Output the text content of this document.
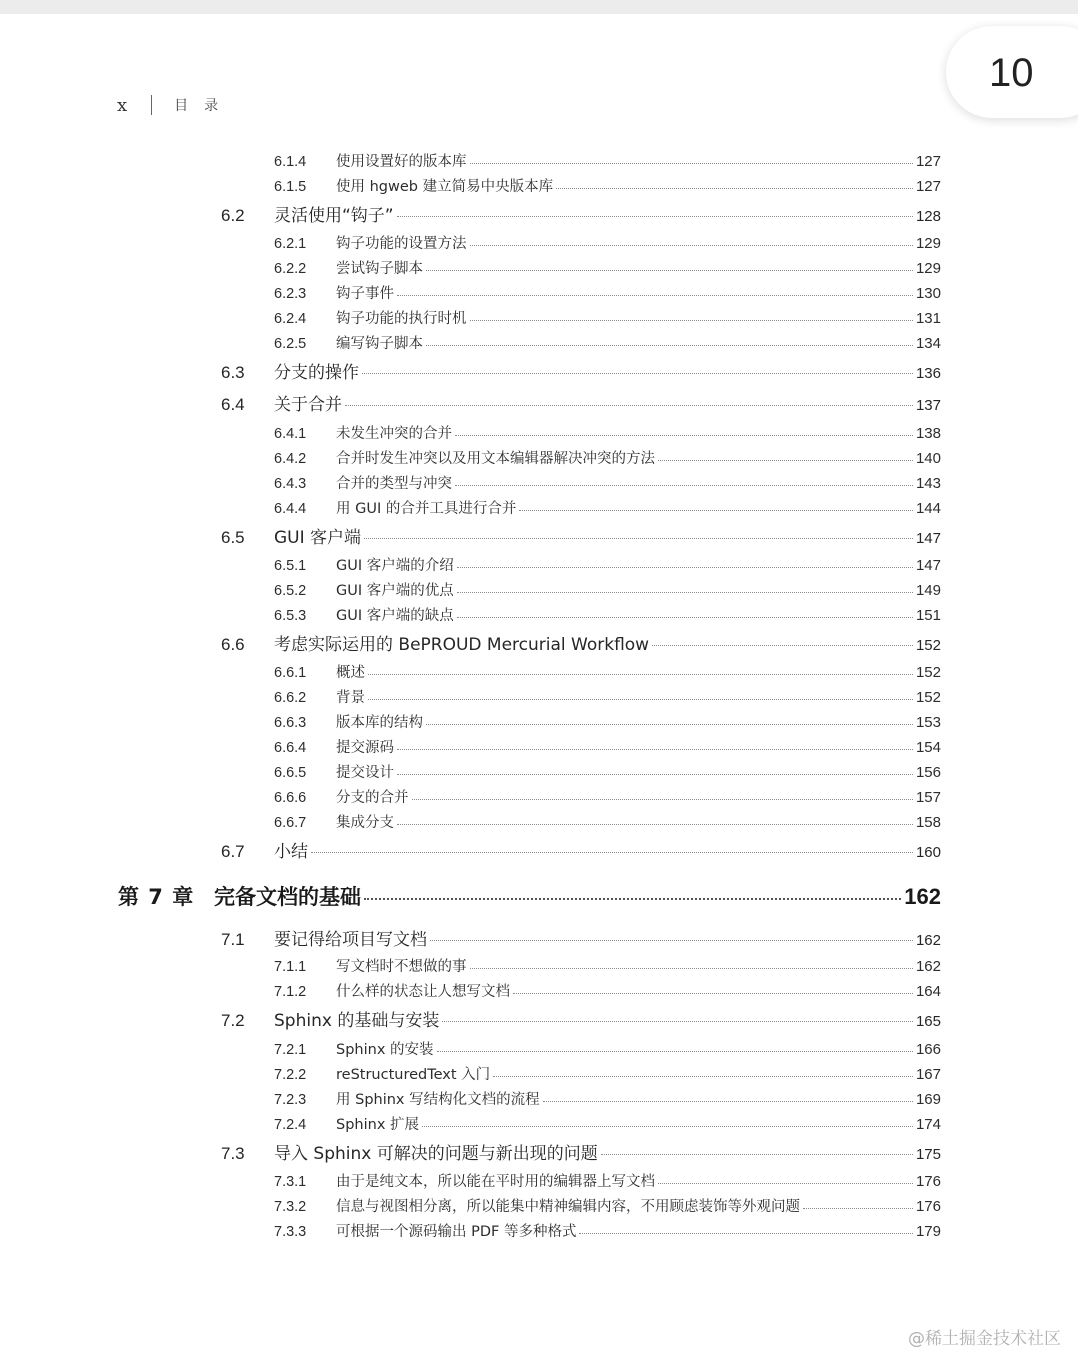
10
x	目录
6.1.4	使用设置好的版本库	127
6.1.5	使用 hgweb 建立简易中央版本库	127
6.2	灵活使用“钩子”	128
6.2.1	钩子功能的设置方法	129
6.2.2	尝试钩子脚本	129
6.2.3	钩子事件	130
6.2.4	钩子功能的执行时机	131
6.2.5	编写钩子脚本	134
6.3	分支的操作	136
6.4	关于合并	137
6.4.1	未发生冲突的合并	138
6.4.2	合并时发生冲突以及用文本编辑器解决冲突的方法	140
6.4.3	合并的类型与冲突	143
6.4.4	用 GUI 的合并工具进行合并	144
6.5	GUI 客户端	147
6.5.1	GUI 客户端的介绍	147
6.5.2	GUI 客户端的优点	149
6.5.3	GUI 客户端的缺点	151
6.6	考虑实际运用的 BePROUD Mercurial Workflow	152
6.6.1	概述	152
6.6.2	背景	152
6.6.3	版本库的结构	153
6.6.4	提交源码	154
6.6.5	提交设计	156
6.6.6	分支的合并	157
6.6.7	集成分支	158
6.7	小结	160
第 7 章 完备文档的基础	162
7.1	要记得给项目写文档	162
7.1.1	写文档时不想做的事	162
7.1.2	什么样的状态让人想写文档	164
7.2	Sphinx 的基础与安装	165
7.2.1	Sphinx 的安装	166
7.2.2	reStructuredText 入门	167
7.2.3	用 Sphinx 写结构化文档的流程	169
7.2.4	Sphinx 扩展	174
7.3	导入 Sphinx 可解决的问题与新出现的问题	175
7.3.1	由于是纯文本，所以能在平时用的编辑器上写文档	176
7.3.2	信息与视图相分离，所以能集中精神编辑内容，不用顾虑装饰等外观问题	176
7.3.3	可根据一个源码输出 PDF 等多种格式	179
@稀土掘金技术社区
